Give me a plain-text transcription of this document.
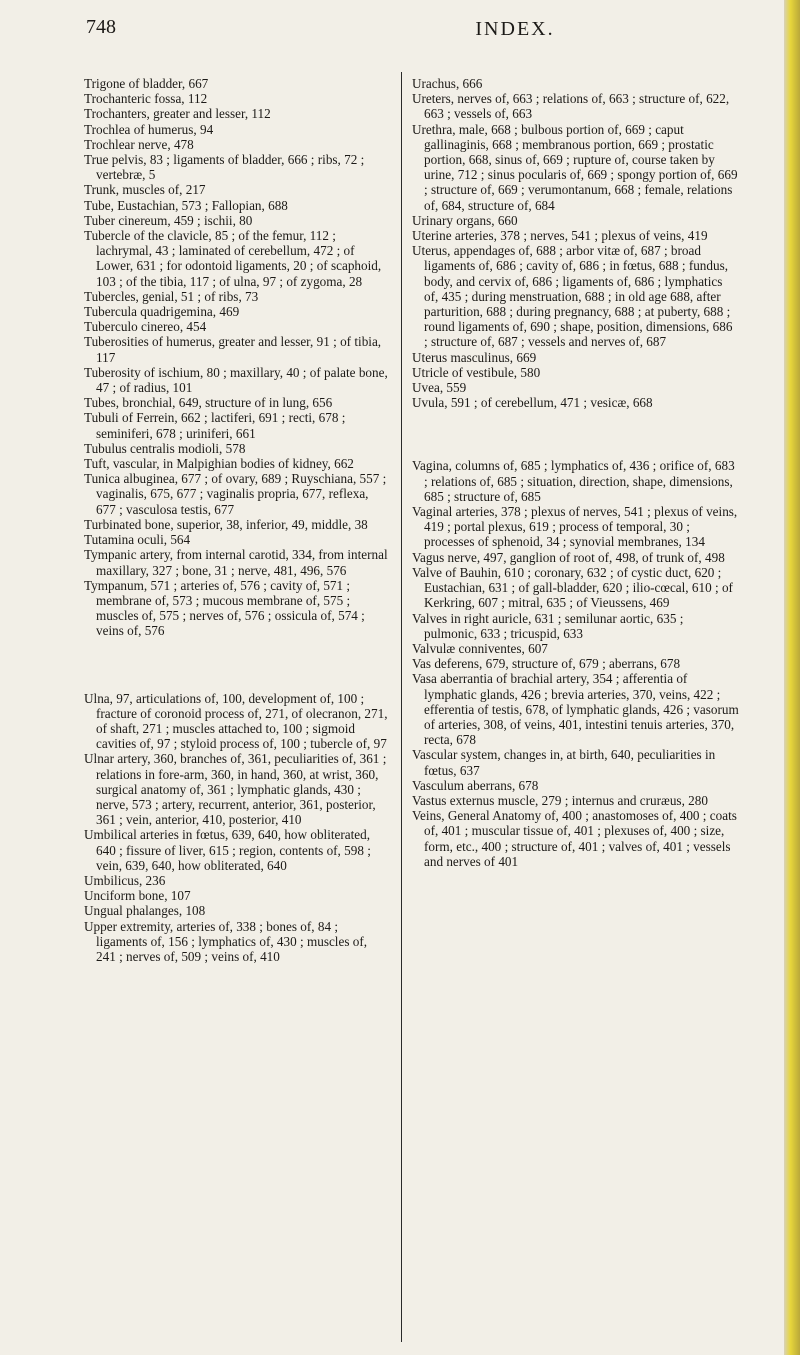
748	INDEX.

Trigone of bladder, 667

Trochanteric fossa, 112

Trochanters, greater and lesser, 112

Trochlea of humerus, 94

Trochlear nerve, 478

True pelvis, 83 ; ligaments of bladder, 666 ; ribs, 72 ; vertebræ, 5

Trunk, muscles of, 217

Tube, Eustachian, 573 ; Fallopian, 688

Tuber cinereum, 459 ; ischii, 80

Tubercle of the clavicle, 85 ; of the femur, 112 ; lachrymal, 43 ; laminated of cerebellum, 472 ; of Lower, 631 ; for odontoid ligaments, 20 ; of scaphoid, 103 ; of the tibia, 117 ; of ulna, 97 ; of zygoma, 28

Tubercles, genial, 51 ; of ribs, 73

Tubercula quadrigemina, 469

Tuberculo cinereo, 454

Tuberosities of humerus, greater and lesser, 91 ; of tibia, 117

Tuberosity of ischium, 80 ; maxillary, 40 ; of palate bone, 47 ; of radius, 101

Tubes, bronchial, 649, structure of in lung, 656

Tubuli of Ferrein, 662 ; lactiferi, 691 ; recti, 678 ; seminiferi, 678 ; uriniferi, 661

Tubulus centralis modioli, 578

Tuft, vascular, in Malpighian bodies of kidney, 662

Tunica albuginea, 677 ; of ovary, 689 ; Ruyschiana, 557 ; vaginalis, 675, 677 ; vaginalis propria, 677, reflexa, 677 ; vasculosa testis, 677

Turbinated bone, superior, 38, inferior, 49, middle, 38

Tutamina oculi, 564

Tympanic artery, from internal carotid, 334, from internal maxillary, 327 ; bone, 31 ; nerve, 481, 496, 576

Tympanum, 571 ; arteries of, 576 ; cavity of, 571 ; membrane of, 573 ; mucous membrane of, 575 ; muscles of, 575 ; nerves of, 576 ; ossicula of, 574 ; veins of, 576

Ulna, 97, articulations of, 100, development of, 100 ; fracture of coronoid process of, 271, of olecranon, 271, of shaft, 271 ; muscles attached to, 100 ; sigmoid cavities of, 97 ; styloid process of, 100 ; tubercle of, 97

Ulnar artery, 360, branches of, 361, peculiarities of, 361 ; relations in fore-arm, 360, in hand, 360, at wrist, 360, surgical anatomy of, 361 ; lymphatic glands, 430 ; nerve, 573 ; artery, recurrent, anterior, 361, posterior, 361 ; vein, anterior, 410, posterior, 410

Umbilical arteries in fœtus, 639, 640, how obliterated, 640 ; fissure of liver, 615 ; region, contents of, 598 ; vein, 639, 640, how obliterated, 640

Umbilicus, 236

Unciform bone, 107

Ungual phalanges, 108

Upper extremity, arteries of, 338 ; bones of, 84 ; ligaments of, 156 ; lymphatics of, 430 ; muscles of, 241 ; nerves of, 509 ; veins of, 410

Urachus, 666

Ureters, nerves of, 663 ; relations of, 663 ; structure of, 622, 663 ; vessels of, 663

Urethra, male, 668 ; bulbous portion of, 669 ; caput gallinaginis, 668 ; membranous portion, 669 ; prostatic portion, 668, sinus of, 669 ; rupture of, course taken by urine, 712 ; sinus pocularis of, 669 ; spongy portion of, 669 ; structure of, 669 ; verumontanum, 668 ; female, relations of, 684, structure of, 684

Urinary organs, 660

Uterine arteries, 378 ; nerves, 541 ; plexus of veins, 419

Uterus, appendages of, 688 ; arbor vitæ of, 687 ; broad ligaments of, 686 ; cavity of, 686 ; in fœtus, 688 ; fundus, body, and cervix of, 686 ; ligaments of, 686 ; lymphatics of, 435 ; during menstruation, 688 ; in old age 688, after parturition, 688 ; during pregnancy, 688 ; at puberty, 688 ; round ligaments of, 690 ; shape, position, dimensions, 686 ; structure of, 687 ; vessels and nerves of, 687

Uterus masculinus, 669

Utricle of vestibule, 580

Uvea, 559

Uvula, 591 ; of cerebellum, 471 ; vesicæ, 668

Vagina, columns of, 685 ; lymphatics of, 436 ; orifice of, 683 ; relations of, 685 ; situation, direction, shape, dimensions, 685 ; structure of, 685

Vaginal arteries, 378 ; plexus of nerves, 541 ; plexus of veins, 419 ; portal plexus, 619 ; process of temporal, 30 ; processes of sphenoid, 34 ; synovial membranes, 134

Vagus nerve, 497, ganglion of root of, 498, of trunk of, 498

Valve of Bauhin, 610 ; coronary, 632 ; of cystic duct, 620 ; Eustachian, 631 ; of gall-bladder, 620 ; ilio-cœcal, 610 ; of Kerkring, 607 ; mitral, 635 ; of Vieussens, 469

Valves in right auricle, 631 ; semilunar aortic, 635 ; pulmonic, 633 ; tricuspid, 633

Valvulæ conniventes, 607

Vas deferens, 679, structure of, 679 ; aberrans, 678

Vasa aberrantia of brachial artery, 354 ; afferentia of lymphatic glands, 426 ; brevia arteries, 370, veins, 422 ; efferentia of testis, 678, of lymphatic glands, 426 ; vasorum of arteries, 308, of veins, 401, intestini tenuis arteries, 370, recta, 678

Vascular system, changes in, at birth, 640, peculiarities in fœtus, 637

Vasculum aberrans, 678

Vastus externus muscle, 279 ; internus and cruræus, 280

Veins, General Anatomy of, 400 ; anastomoses of, 400 ; coats of, 401 ; muscular tissue of, 401 ; plexuses of, 400 ; size, form, etc., 400 ; structure of, 401 ; valves of, 401 ; vessels and nerves of 401
